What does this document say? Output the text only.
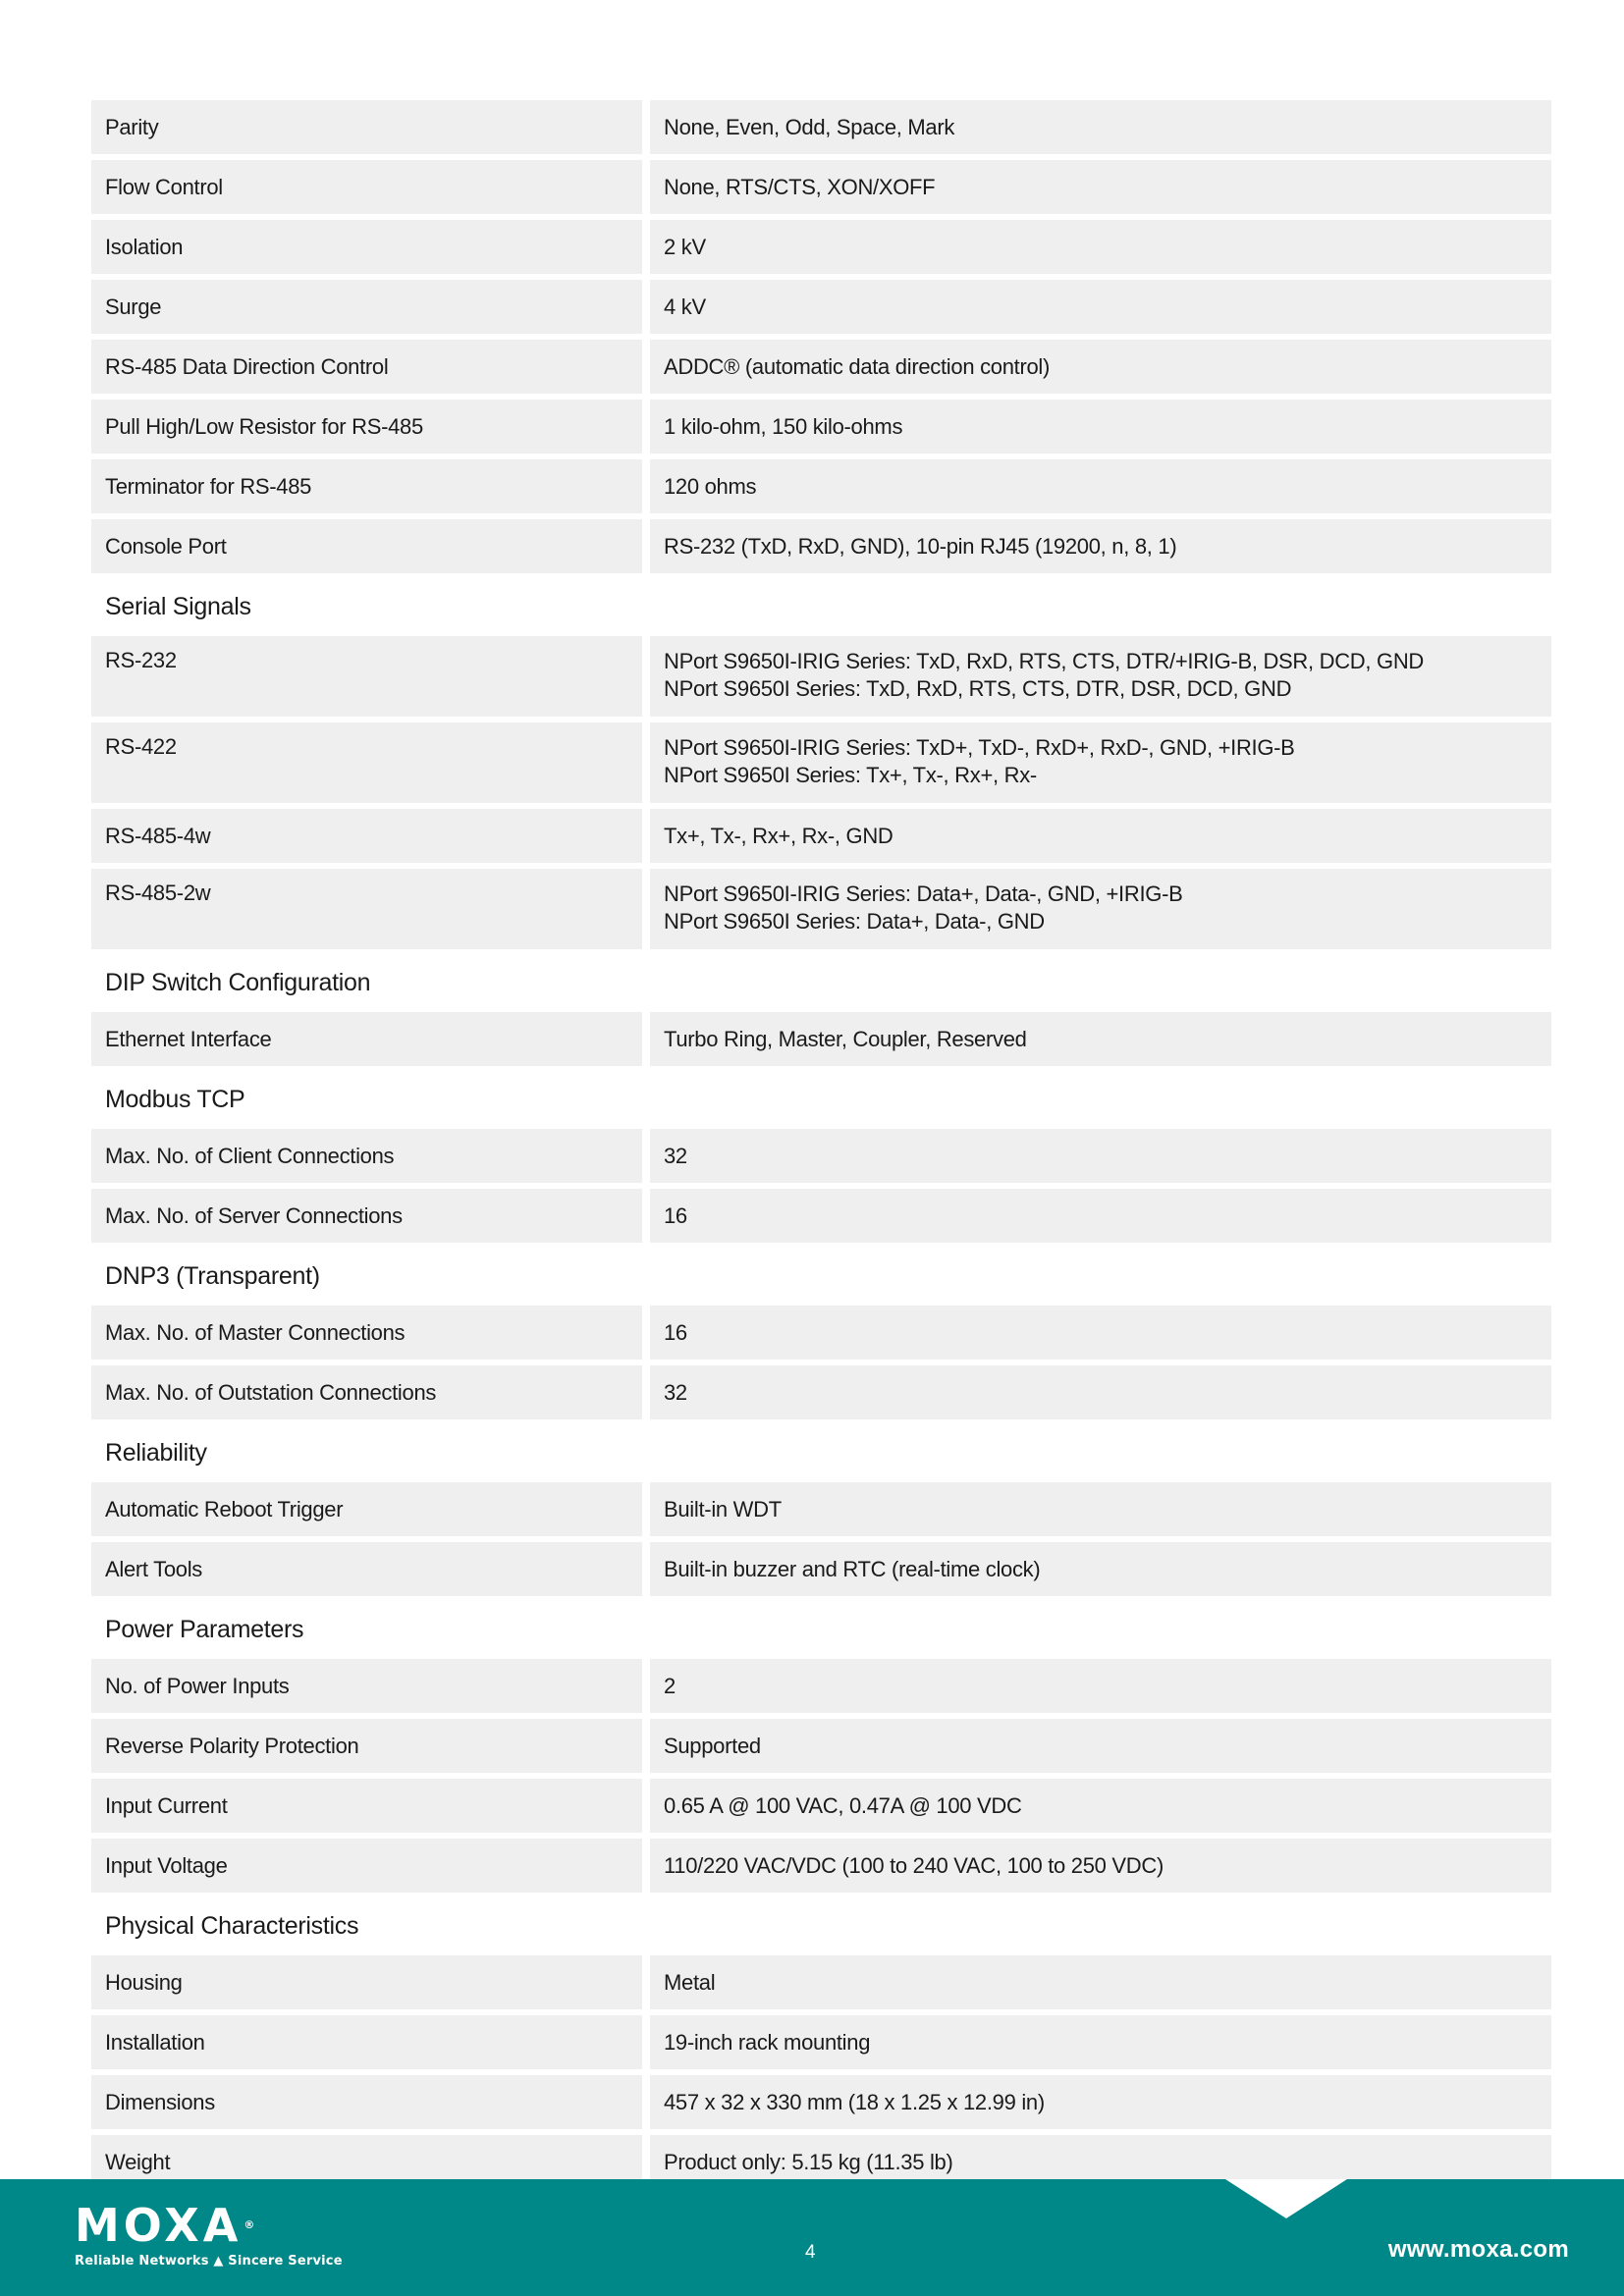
Parity	None, Even, Odd, Space, Mark
Flow Control	None, RTS/CTS, XON/XOFF
Isolation	2 kV
Surge	4 kV
RS-485 Data Direction Control	ADDC® (automatic data direction control)
Pull High/Low Resistor for RS-485	1 kilo-ohm, 150 kilo-ohms
Terminator for RS-485	120 ohms
Console Port	RS-232 (TxD, RxD, GND), 10-pin RJ45 (19200, n, 8, 1)
Serial Signals
RS-232	NPort S9650I-IRIG Series: TxD, RxD, RTS, CTS, DTR/+IRIG-B, DSR, DCD, GND
NPort S9650I Series: TxD, RxD, RTS, CTS, DTR, DSR, DCD, GND
RS-422	NPort S9650I-IRIG Series: TxD+, TxD-, RxD+, RxD-, GND, +IRIG-B
NPort S9650I Series: Tx+, Tx-, Rx+, Rx-
RS-485-4w	Tx+, Tx-, Rx+, Rx-, GND
RS-485-2w	NPort S9650I-IRIG Series: Data+, Data-, GND, +IRIG-B
NPort S9650I Series: Data+, Data-, GND
DIP Switch Configuration
Ethernet Interface	Turbo Ring, Master, Coupler, Reserved
Modbus TCP
Max. No. of Client Connections	32
Max. No. of Server Connections	16
DNP3 (Transparent)
Max. No. of Master Connections	16
Max. No. of Outstation Connections	32
Reliability
Automatic Reboot Trigger	Built-in WDT
Alert Tools	Built-in buzzer and RTC (real-time clock)
Power Parameters
No. of Power Inputs	2
Reverse Polarity Protection	Supported
Input Current	0.65 A @ 100 VAC, 0.47A @ 100 VDC
Input Voltage	110/220 VAC/VDC (100 to 240 VAC, 100 to 250 VDC)
Physical Characteristics
Housing	Metal
Installation	19-inch rack mounting
Dimensions	457 x 32 x 330 mm (18 x 1.25 x 12.99 in)
Weight	Product only: 5.15 kg (11.35 lb)
MOXA ®
Reliable Networks ▲ Sincere Service	4	www.moxa.com
